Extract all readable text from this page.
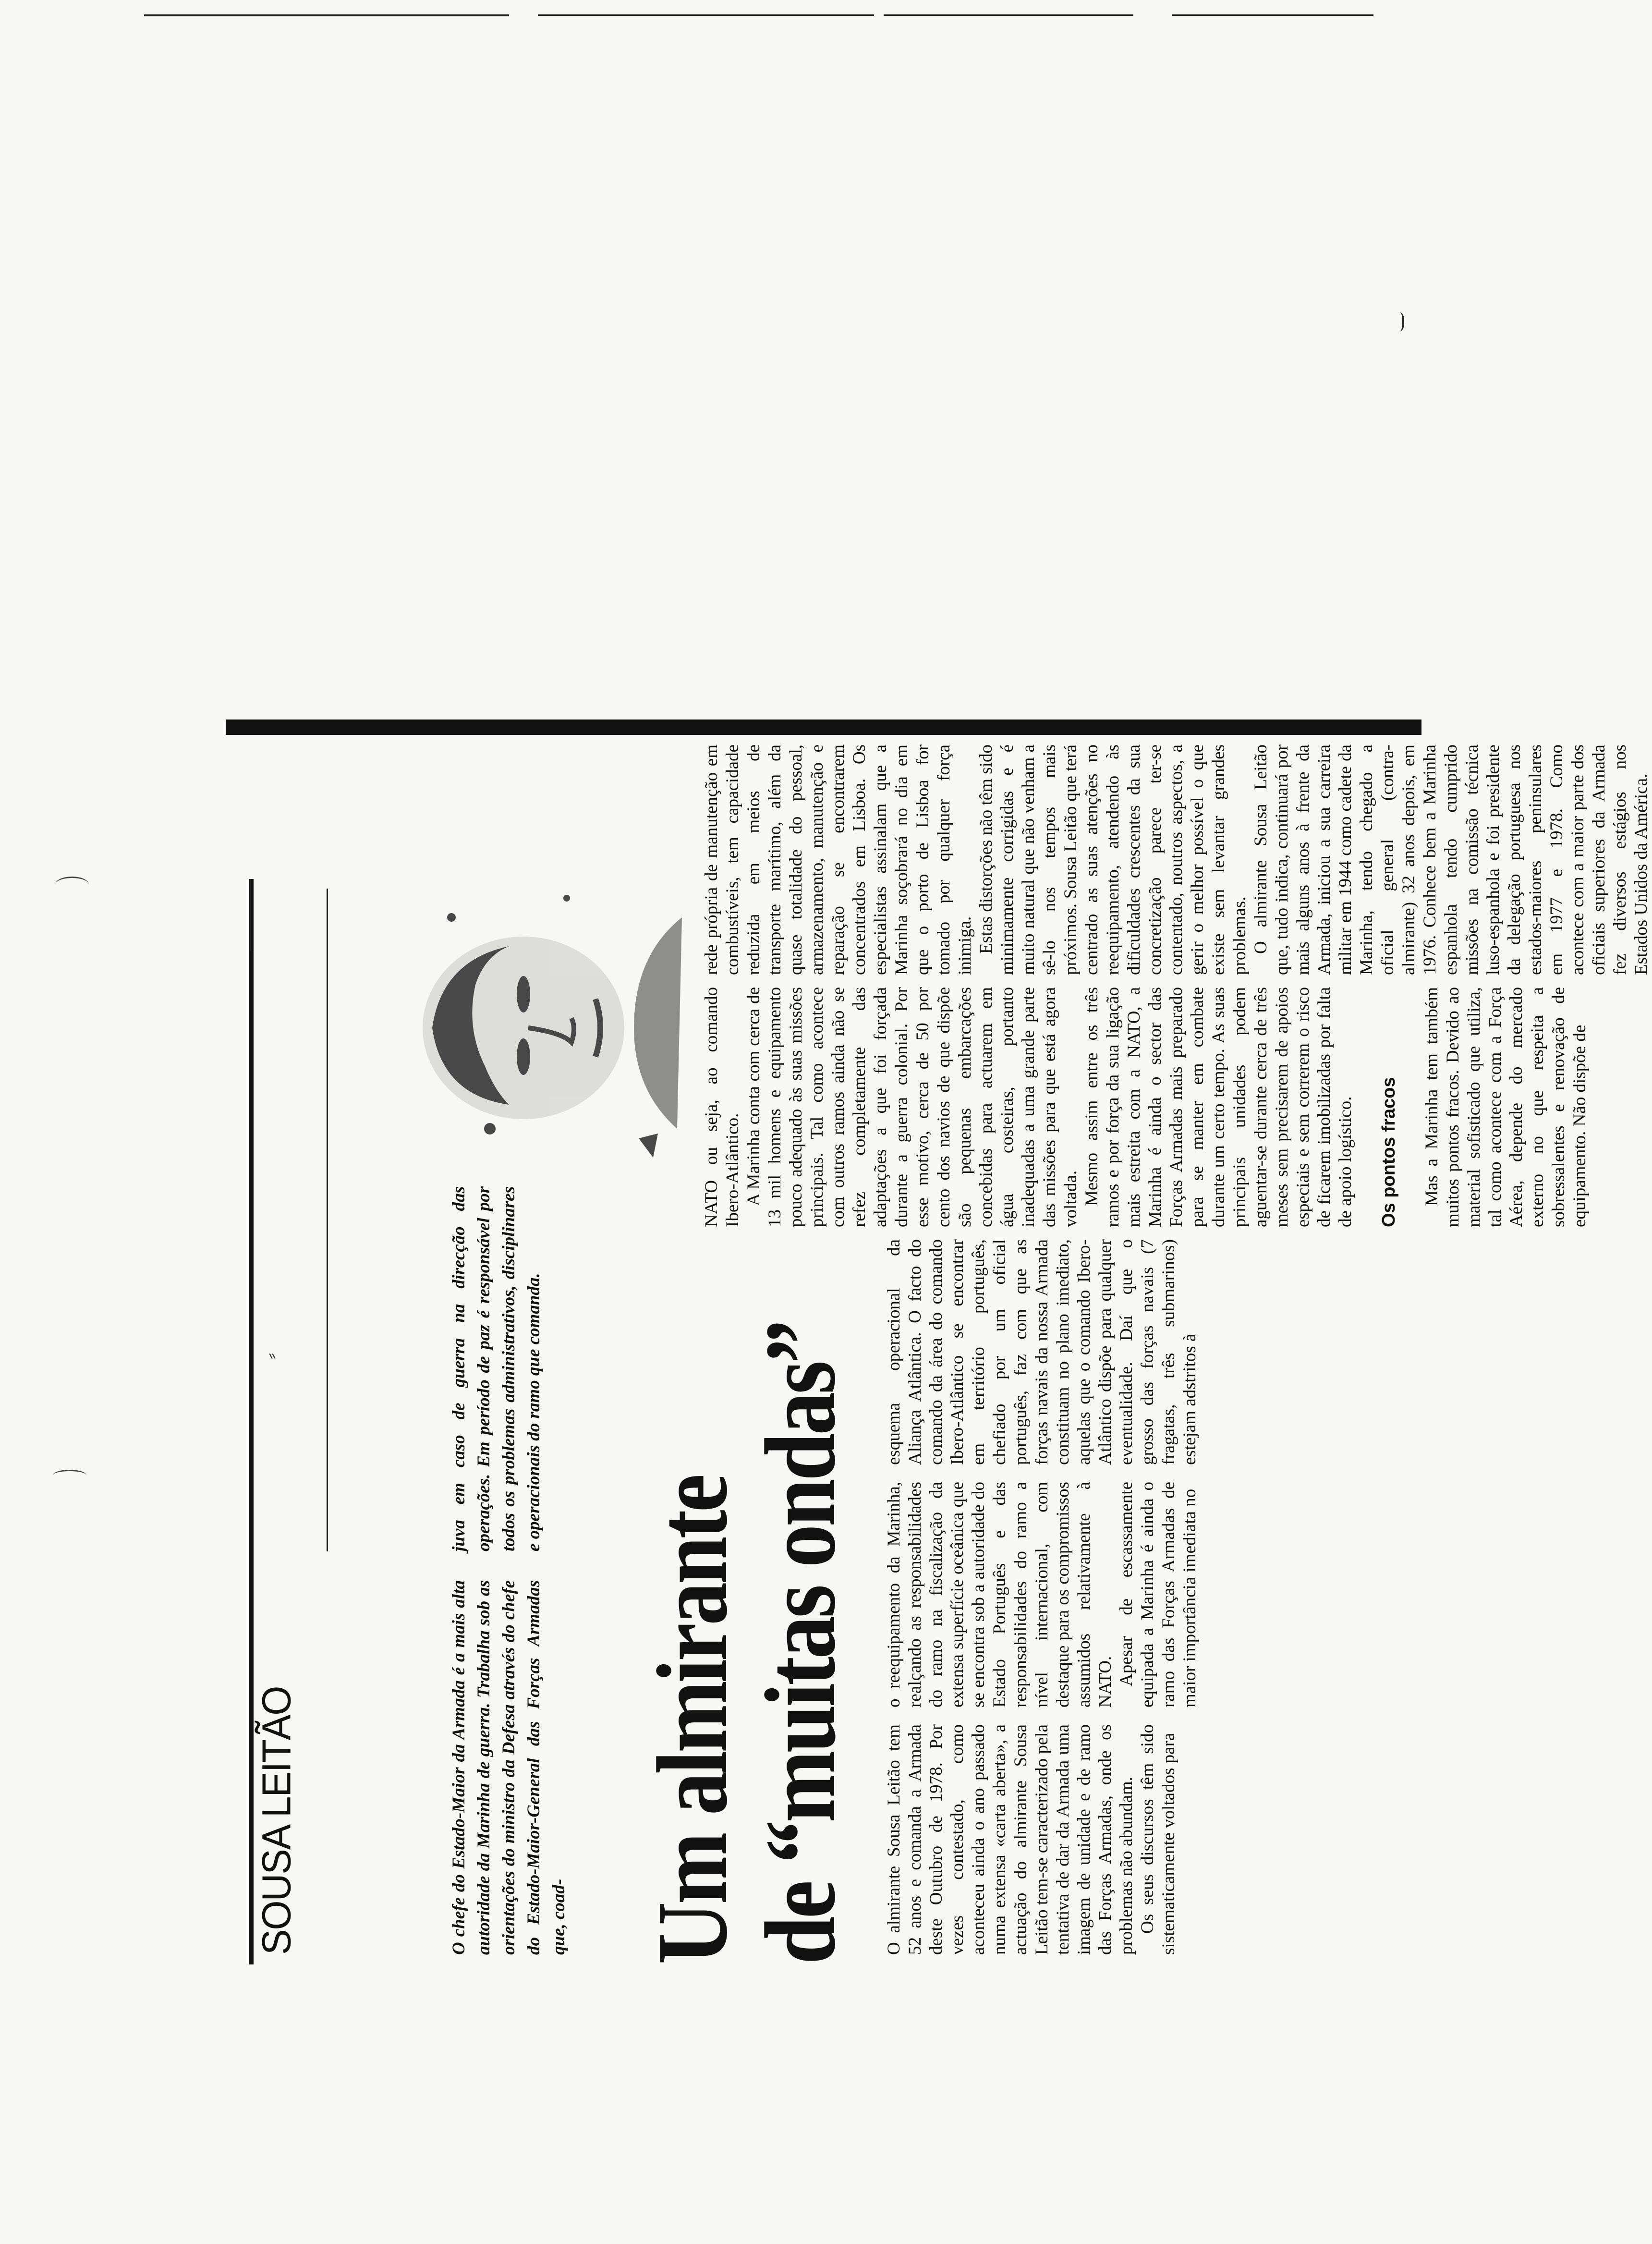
SOUSA LEITÃO	O chefe do Estado-Maior da Armada é a mais alta autoridade da Marinha de guerra. Trabalha sob as orientações do ministro da Defesa através do chefe do Estado-Maior-General das Forças Armadas que, coad-
juva em caso de guerra na direcção das operações. Em período de paz é responsável por todos os problemas administrativos, disciplinares e operacionais do ramo que comanda.
Um almirante
de “muitas ondas”
⸗

O almirante Sousa Leitão tem 52 anos e comanda a Armada deste Outubro de 1978. Por vezes contestado, como aconteceu ainda o ano passado numa extensa «carta aberta», a actuação do almirante Sousa Leitão tem-se caracterizado pela tentativa de dar da Armada uma imagem de unidade e de ramo das Forças Armadas, onde os problemas não abundam. Os seus discursos têm sido sistematicamente voltados para

o reequipamento da Marinha, realçando as responsabilidades do ramo na fiscalização da extensa superfície oceânica que se encontra sob a autoridade do Estado Português e das responsabilidades do ramo a nível internacional, com destaque para os compromissos assumidos relativamente à NATO. Apesar de escassamente equipada a Marinha é ainda o ramo das Forças Armadas de maior importância imediata no

esquema operacional da Aliança Atlântica. O facto do comando da área do comando Ibero-Atlântico se encontrar em território português, chefiado por um oficial português, faz com que as forças navais da nossa Armada constituam no plano imediato, aquelas que o comando Ibero-Atlântico dispõe para qualquer eventualidade. Daí que o grosso das forças navais (7 fragatas, três submarinos) estejam adstritos à

NATO ou seja, ao comando Ibero-Atlântico. A Marinha conta com cerca de 13 mil homens e equipamento pouco adequado às suas missões principais. Tal como acontece com outros ramos ainda não se refez completamente das adaptações a que foi forçada durante a guerra colonial. Por esse motivo, cerca de 50 por cento dos navios de que dispõe são pequenas embarcações concebidas para actuarem em água costeiras, portanto inadequadas a uma grande parte das missões para que está agora voltada. Mesmo assim entre os três ramos e por força da sua ligação mais estreita com a NATO, a Marinha é ainda o sector das Forças Armadas mais preparado para se manter em combate durante um certo tempo. As suas principais unidades podem aguentar-se durante cerca de três meses sem precisarem de apoios especiais e sem correrem o risco de ficarem imobilizadas por falta de apoio logístico. Os pontos fracos Mas a Marinha tem também muitos pontos fracos. Devido ao material sofisticado que utiliza, tal como acontece com a Força Aérea, depende do mercado externo no que respeita a sobressalentes e renovação de equipamento. Não dispõe de

rede própria de manutenção em combustíveis, tem capacidade reduzida em meios de transporte marítimo, além da quase totalidade do pessoal, armazenamento, manutenção e reparação se encontrarem concentrados em Lisboa. Os especialistas assinalam que a Marinha soçobrará no dia em que o porto de Lisboa for tomado por qualquer força inimiga. Estas distorções não têm sido minimamente corrigidas e é muito natural que não venham a sê-lo nos tempos mais próximos. Sousa Leitão que terá centrado as suas atenções no reequipamento, atendendo às dificuldades crescentes da sua concretização parece ter-se contentado, noutros aspectos, a gerir o melhor possível o que existe sem levantar grandes problemas. O almirante Sousa Leitão que, tudo indica, continuará por mais alguns anos à frente da Armada, iniciou a sua carreira militar em 1944 como cadete da Marinha, tendo chegado a oficial general (contra-almirante) 32 anos depois, em 1976. Conhece bem a Marinha espanhola tendo cumprido missões na comissão técnica luso-espanhola e foi presidente da delegação portuguesa nos estados-maiores peninsulares em 1977 e 1978. Como acontece com a maior parte dos oficiais superiores da Armada fez diversos estágios nos Estados Unidos da América.
